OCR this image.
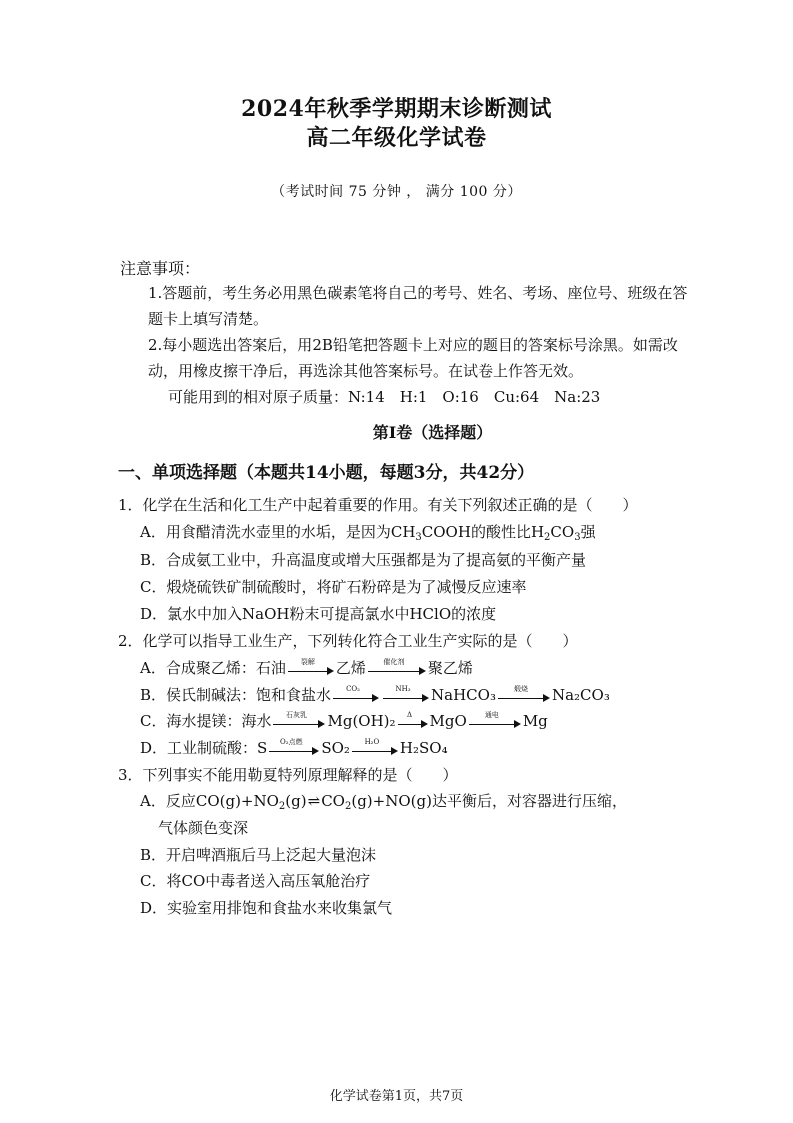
2024年秋季学期期末诊断测试
高二年级化学试卷
（考试时间 75 分钟 ， 满分 100 分）
注意事项：
1.答题前，考生务必用黑色碳素笔将自己的考号、姓名、考场、座位号、班级在答题卡上填写清楚。
2.每小题选出答案后，用2B铅笔把答题卡上对应的题目的答案标号涂黑。如需改动，用橡皮擦干净后，再选涂其他答案标号。在试卷上作答无效。
可能用到的相对原子质量：N:14　H:1　O:16　Cu:64　Na:23
第Ⅰ卷（选择题）
一、单项选择题（本题共14小题，每题3分，共42分）
1．化学在生活和化工生产中起着重要的作用。有关下列叙述正确的是（　　）
A．用食醋清洗水壶里的水垢，是因为$CH_3COOH$的酸性比$H_2CO_3$强
B．合成氨工业中，升高温度或增大压强都是为了提高氨的平衡产量
C．煅烧硫铁矿制硫酸时，将矿石粉碎是为了减慢反应速率
D．氯水中加入NaOH粉末可提高氯水中HClO的浓度
2．化学可以指导工业生产，下列转化符合工业生产实际的是（　　）
A．合成聚乙烯：石油	裂解	乙烯	催化剂	聚乙烯
B．侯氏制碱法：饱和食盐水	CO₂	NH₃	NaHCO₃	煅烧	Na₂CO₃
C．海水提镁：海水	石灰乳	Mg(OH)₂	Δ	MgO	通电	Mg
D．工业制硫酸：S	O₂点燃	SO₂	H₂O	H₂SO₄
3．下列事实不能用勒夏特列原理解释的是（　　）
A．反应$CO(g)+NO_2(g)\rightleftharpoons CO_2(g)+NO(g)$达平衡后，对容器进行压缩，
气体颜色变深
B．开启啤酒瓶后马上泛起大量泡沫
C．将CO中毒者送入高压氧舱治疗
D．实验室用排饱和食盐水来收集氯气
化学试卷第1页，共7页
